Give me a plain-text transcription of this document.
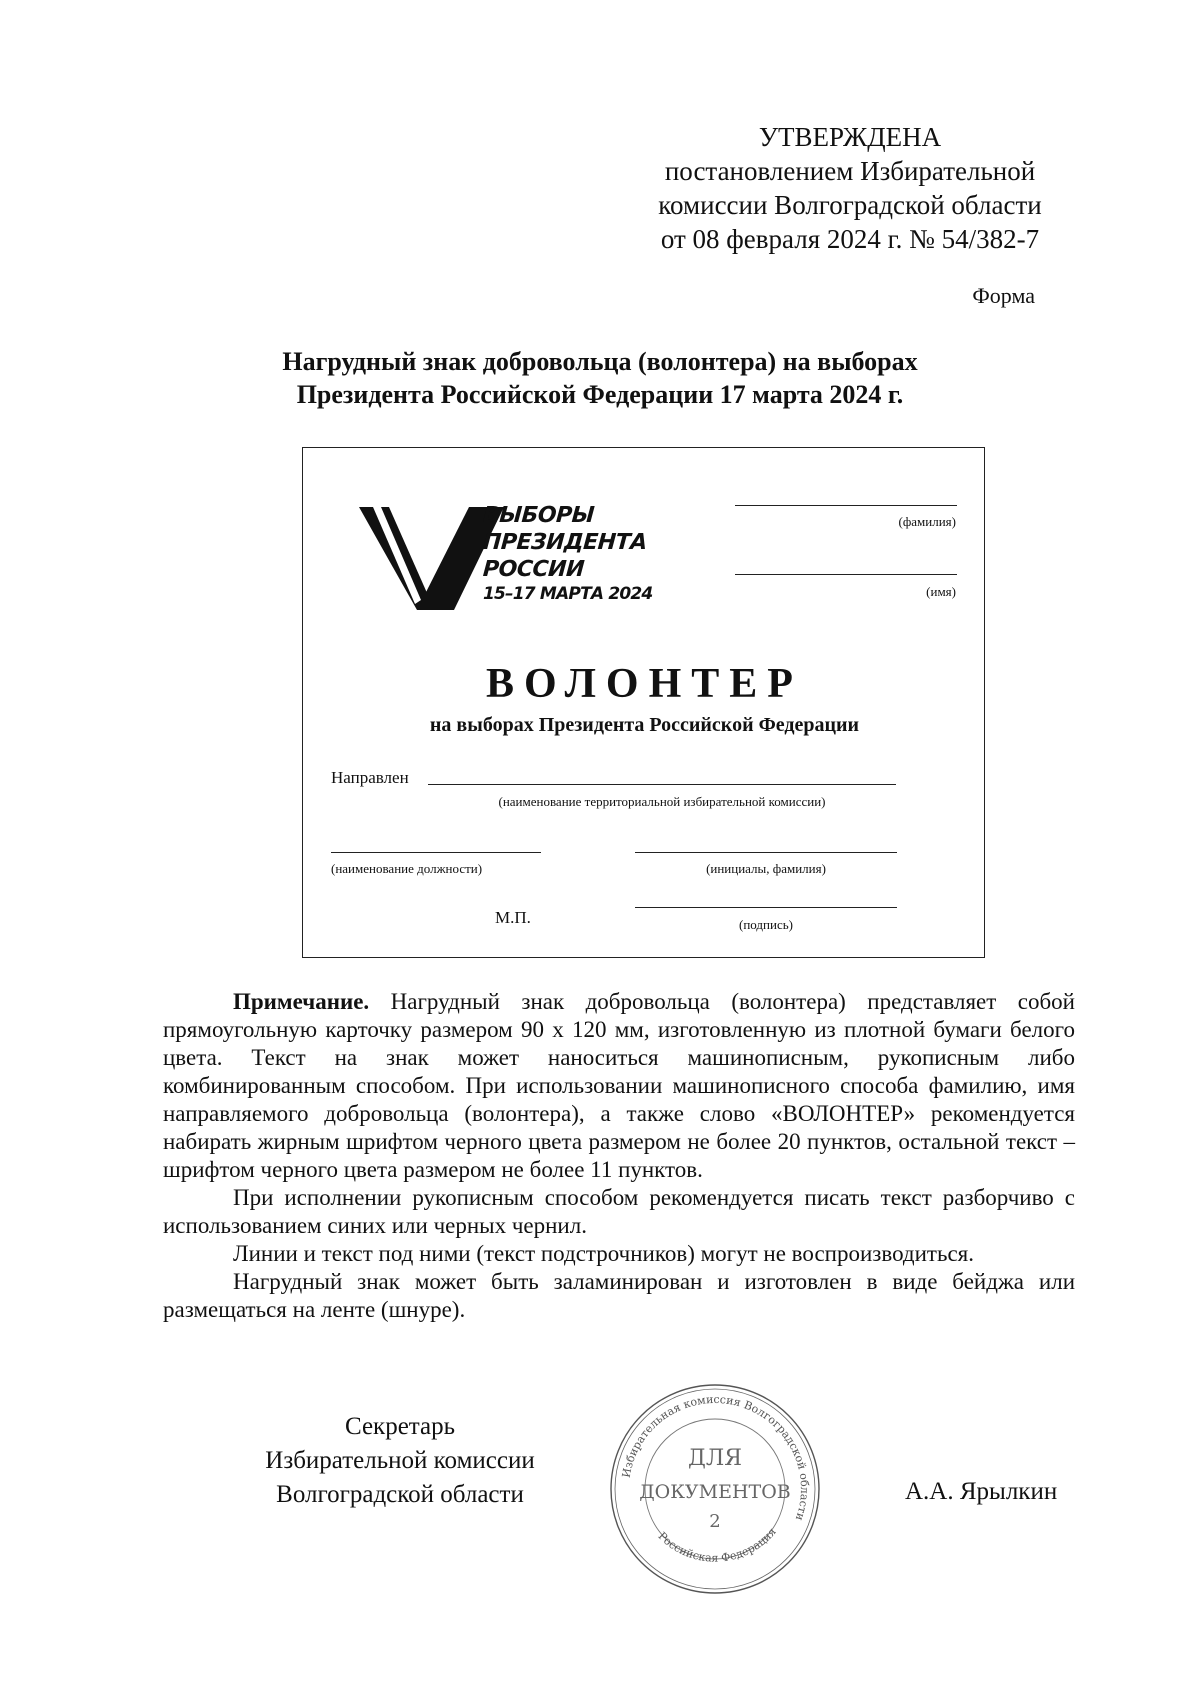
УТВЕРЖДЕНА
постановлением Избирательной
комиссии Волгоградской области
от 08 февраля 2024 г. № 54/382-7
Форма
Нагрудный знак добровольца (волонтера) на выборах
Президента Российской Федерации 17 марта 2024 г.
ВЫБОРЫ
ПРЕЗИДЕНТА
РОССИИ
15–17 МАРТА 2024
(фамилия)
(имя)
ВОЛОНТЕР
на выборах Президента Российской Федерации
Направлен
(наименование территориальной избирательной комиссии)
(наименование должности)	(инициалы, фамилия)
М.П.	(подпись)

Примечание. Нагрудный знак добровольца (волонтера) представляет собой прямоугольную карточку размером 90 х 120 мм, изготовленную из плотной бумаги белого цвета. Текст на знак может наноситься машинописным, рукописным либо комбинированным способом. При использовании машинописного способа фамилию, имя направляемого добровольца (волонтера), а также слово «ВОЛОНТЕР» рекомендуется набирать жирным шрифтом черного цвета размером не более 20 пунктов, остальной текст – шрифтом черного цвета размером не более 11 пунктов.

При исполнении рукописным способом рекомендуется писать текст разборчиво с использованием синих или черных чернил.

Линии и текст под ними (текст подстрочников) могут не воспроизводиться.

Нагрудный знак может быть заламинирован и изготовлен в виде бейджа или размещаться на ленте (шнуре).

Секретарь
Избирательной комиссии
Волгоградской области	А.А. Ярылкин
Избирательная комиссия Волгоградской области
Российская Федерация
ДЛЯ
ДОКУМЕНТОВ
2
